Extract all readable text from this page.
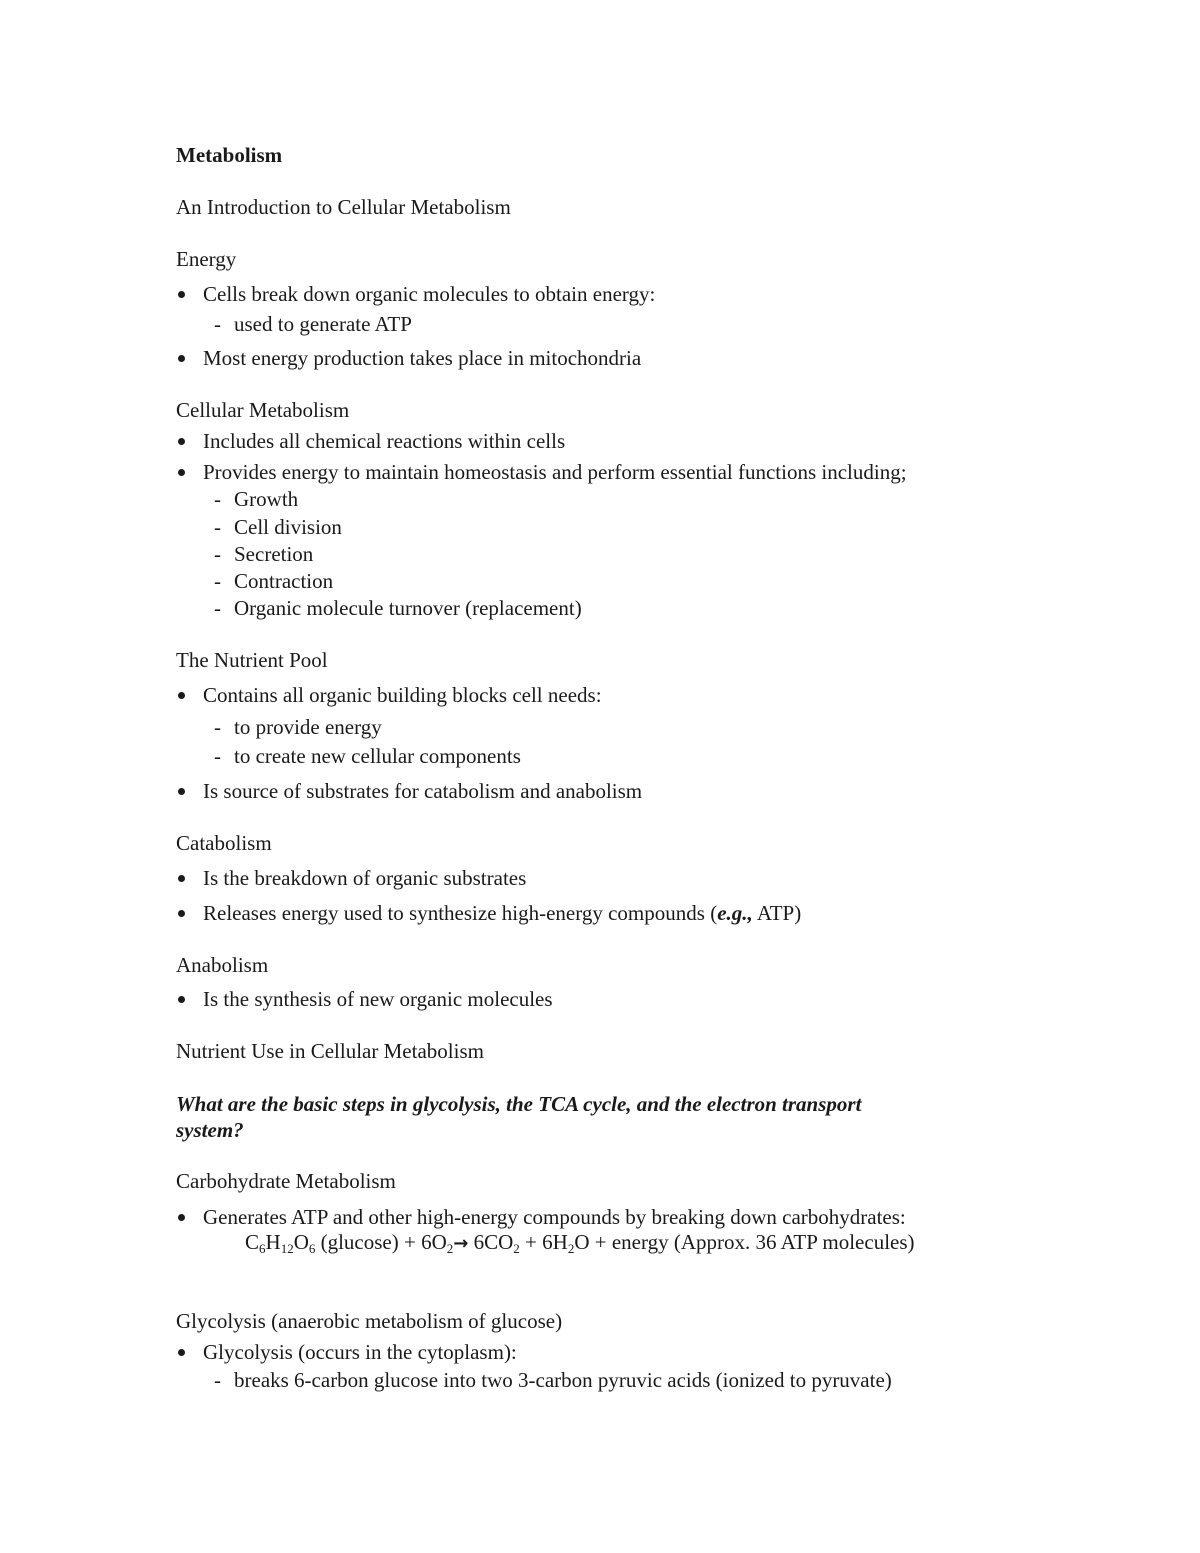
Metabolism
An Introduction to Cellular Metabolism
Energy
Cells break down organic molecules to obtain energy:
- used to generate ATP
Most energy production takes place in mitochondria
Cellular Metabolism
Includes all chemical reactions within cells
Provides energy to maintain homeostasis and perform essential functions including;
- Growth
- Cell division
- Secretion
- Contraction
- Organic molecule turnover (replacement)
The Nutrient Pool
Contains all organic building blocks cell needs:
- to provide energy
- to create new cellular components
Is source of substrates for catabolism and anabolism
Catabolism
Is the breakdown of organic substrates
Releases energy used to synthesize high-energy compounds (e.g., ATP)
Anabolism
Is the synthesis of new organic molecules
Nutrient Use in Cellular Metabolism
What are the basic steps in glycolysis, the TCA cycle, and the electron transport
system?
Carbohydrate Metabolism
Generates ATP and other high-energy compounds by breaking down carbohydrates:
$C_6H_{12}O_6$ $(glucose) + 6O_2\to 6CO_2 + 6H_2O$ + energy (Approx. 36 ATP molecules)
Glycolysis (anaerobic metabolism of glucose)
Glycolysis (occurs in the cytoplasm):
- breaks 6-carbon glucose into two 3-carbon pyruvic acids (ionized to pyruvate)
